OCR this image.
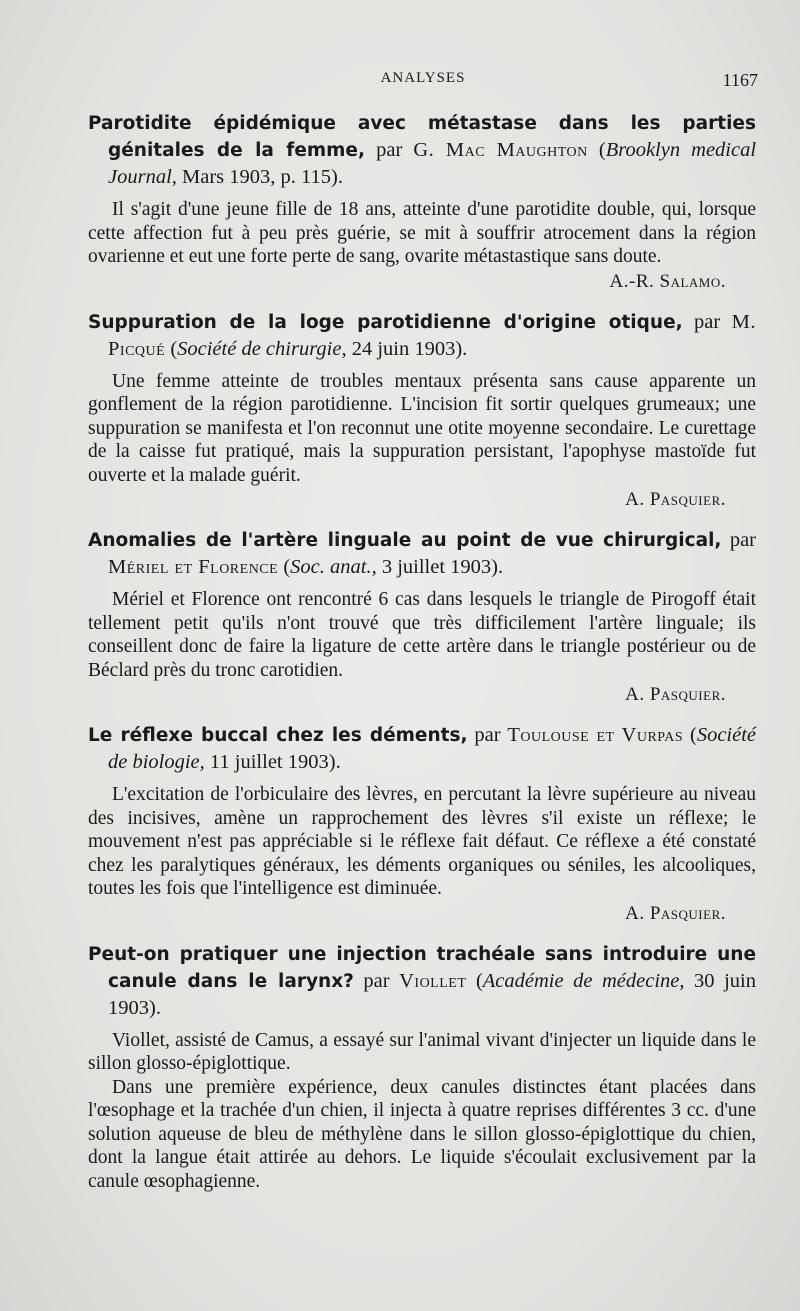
ANALYSES	1167

Parotidite épidémique avec métastase dans les parties génitales de la femme, par G. Mac Maughton (Brooklyn medical Journal, Mars 1903, p. 115).

Il s'agit d'une jeune fille de 18 ans, atteinte d'une parotidite double, qui, lorsque cette affection fut à peu près guérie, se mit à souffrir atrocement dans la région ovarienne et eut une forte perte de sang, ovarite métastastique sans doute.

A.-R. Salamo.

Suppuration de la loge parotidienne d'origine otique, par M. Picqué (Société de chirurgie, 24 juin 1903).

Une femme atteinte de troubles mentaux présenta sans cause apparente un gonflement de la région parotidienne. L'incision fit sortir quelques grumeaux; une suppuration se manifesta et l'on reconnut une otite moyenne secondaire. Le curettage de la caisse fut pratiqué, mais la suppuration persistant, l'apophyse mastoïde fut ouverte et la malade guérit.

A. Pasquier.

Anomalies de l'artère linguale au point de vue chirurgical, par Mériel et Florence (Soc. anat., 3 juillet 1903).

Mériel et Florence ont rencontré 6 cas dans lesquels le triangle de Pirogoff était tellement petit qu'ils n'ont trouvé que très difficilement l'artère linguale; ils conseillent donc de faire la ligature de cette artère dans le triangle postérieur ou de Béclard près du tronc carotidien.

A. Pasquier.

Le réflexe buccal chez les déments, par Toulouse et Vurpas (Société de biologie, 11 juillet 1903).

L'excitation de l'orbiculaire des lèvres, en percutant la lèvre supérieure au niveau des incisives, amène un rapprochement des lèvres s'il existe un réflexe; le mouvement n'est pas appréciable si le réflexe fait défaut. Ce réflexe a été constaté chez les paralytiques généraux, les déments organiques ou séniles, les alcooliques, toutes les fois que l'intelligence est diminuée.

A. Pasquier.

Peut-on pratiquer une injection trachéale sans introduire une canule dans le larynx? par Viollet (Académie de médecine, 30 juin 1903).

Viollet, assisté de Camus, a essayé sur l'animal vivant d'injecter un liquide dans le sillon glosso-épiglottique.

Dans une première expérience, deux canules distinctes étant placées dans l'œsophage et la trachée d'un chien, il injecta à quatre reprises différentes 3 cc. d'une solution aqueuse de bleu de méthylène dans le sillon glosso-épiglottique du chien, dont la langue était attirée au dehors. Le liquide s'écoulait exclusivement par la canule œsophagienne.
